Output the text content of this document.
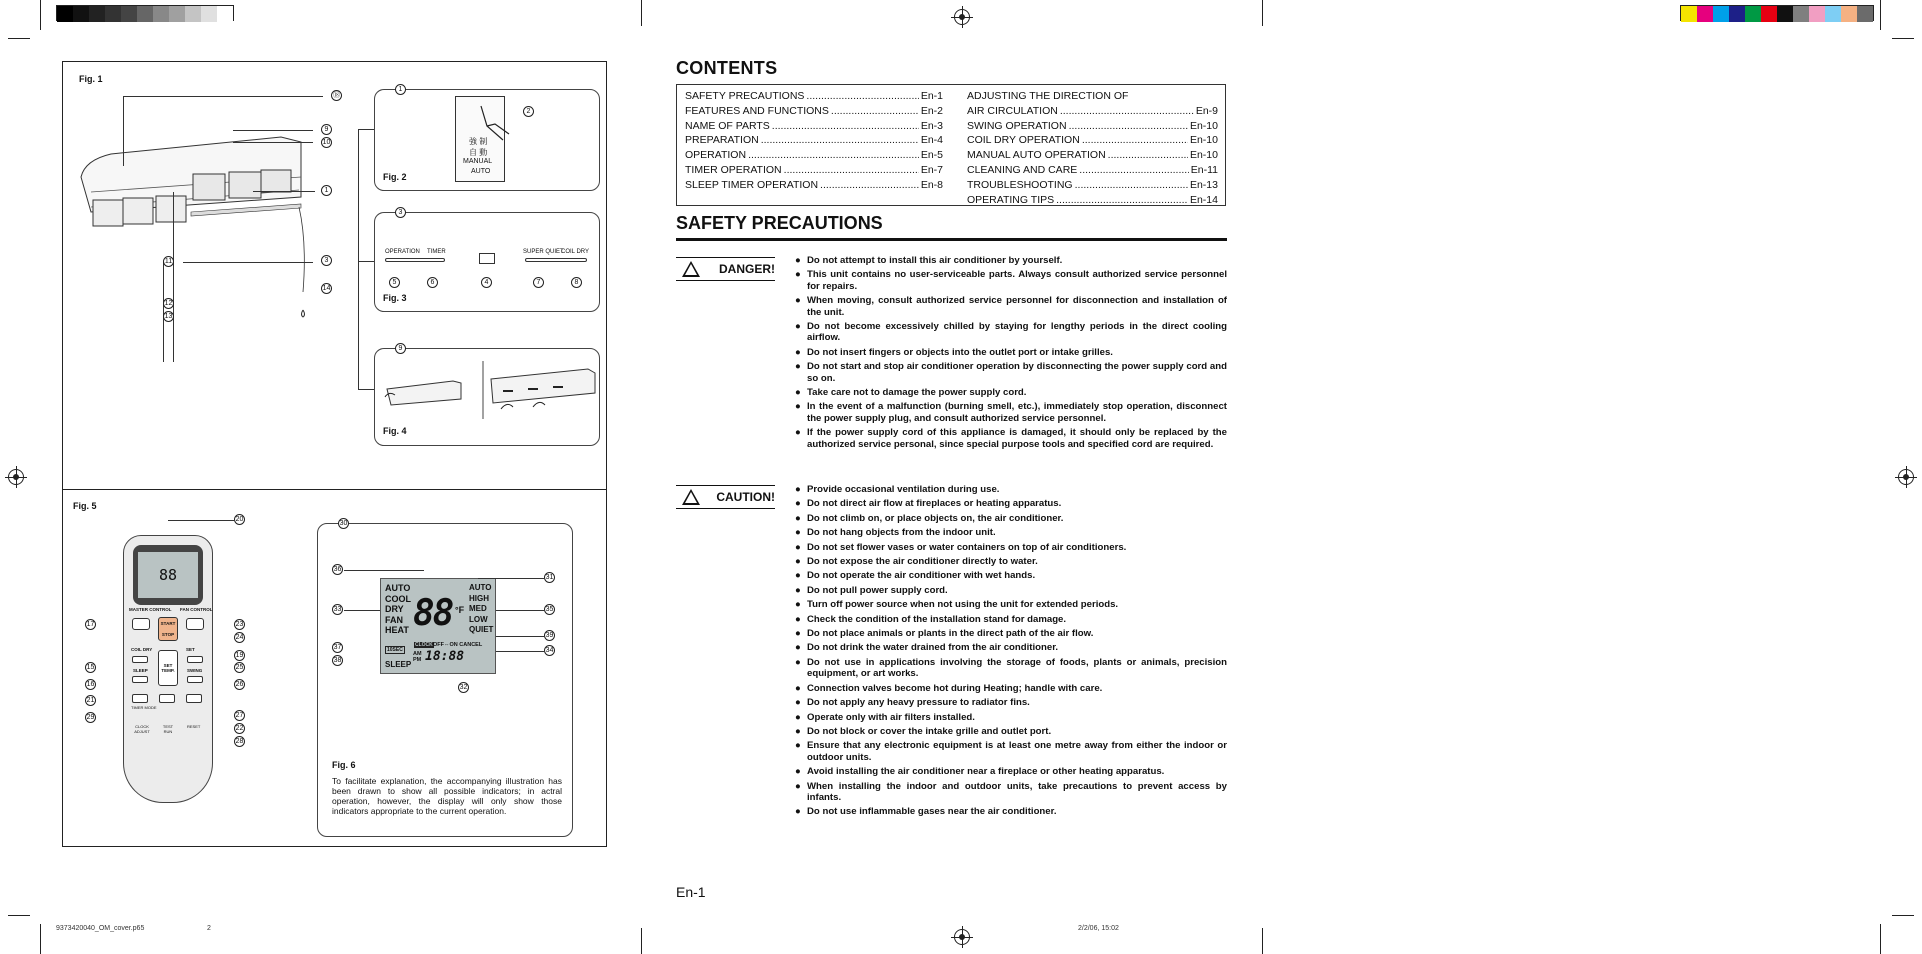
Fig. 1
⑱
9
10
1
3
14
11
12
13
Fig. 2
強 制
自 動
MANUAL
AUTO
1
2
Fig. 3
3
OPERATION TIMER	SUPER QUIET
COIL DRY
5	6	4	7	8
Fig. 4
9
Fig. 5
88
MASTER CONTROL FAN CONTROL
START
STOP
COIL DRY	SET
SET
TEMP.
SLEEP	SWING
TIMER MODE
CLOCK ADJUST
TEST RUN
RESET
20
17	23
24
19
15	25
16	26
21
29	27
22
28
30
AUTO
COOL
DRY
FAN
HEAT 88 °F
AUTO
HIGH
MED
LOW
QUIET
CLOCK OFF⇔ON CANCEL
10SEC
AM PM 18:88
SLEEP
36
33
37
38
31
35
39
34
32
Fig. 6
To facilitate explanation, the accompanying illustration has been drawn to show all possible indicators; in actral operation, however, the display will only show those indicators appropriate to the current operation.
CONTENTS
SAFETY PRECAUTIONS .....	En-1
FEATURES AND FUNCTIONS .....	En-2
NAME OF PARTS .....	En-3
PREPARATION .....	En-4
OPERATION .....	En-5
TIMER OPERATION .....	En-7
SLEEP TIMER OPERATION .....	En-8
ADJUSTING THE DIRECTION OF
AIR CIRCULATION .....	En-9
SWING OPERATION .....	En-10
COIL DRY OPERATION .....	En-10
MANUAL AUTO OPERATION .....	En-10
CLEANING AND CARE .....	En-11
TROUBLESHOOTING .....	En-13
OPERATING TIPS .....	En-14
SAFETY PRECAUTIONS
DANGER!
● Do not attempt to install this air conditioner by yourself.
● This unit contains no user-serviceable parts. Always consult authorized service personnel for repairs.
● When moving, consult authorized service personnel for disconnection and installation of the unit.
● Do not become excessively chilled by staying for lengthy periods in the direct cooling airflow.
● Do not insert fingers or objects into the outlet port or intake grilles.
● Do not start and stop air conditioner operation by disconnecting the power supply cord and so on.
● Take care not to damage the power supply cord.
● In the event of a malfunction (burning smell, etc.), immediately stop operation, disconnect the power supply plug, and consult authorized service personnel.
● If the power supply cord of this appliance is damaged, it should only be replaced by the authorized service personal, since special purpose tools and specified cord are required.
CAUTION!
● Provide occasional ventilation during use.
● Do not direct air flow at fireplaces or heating apparatus.
● Do not climb on, or place objects on, the air conditioner.
● Do not hang objects from the indoor unit.
● Do not set flower vases or water containers on top of air conditioners.
● Do not expose the air conditioner directly to water.
● Do not operate the air conditioner with wet hands.
● Do not pull power supply cord.
● Turn off power source when not using the unit for extended periods.
● Check the condition of the installation stand for damage.
● Do not place animals or plants in the direct path of the air flow.
● Do not drink the water drained from the air conditioner.
● Do not use in applications involving the storage of foods, plants or animals, precision equipment, or art works.
● Connection valves become hot during Heating; handle with care.
● Do not apply any heavy pressure to radiator fins.
● Operate only with air filters installed.
● Do not block or cover the intake grille and outlet port.
● Ensure that any electronic equipment is at least one metre away from either the indoor or outdoor units.
● Avoid installing the air conditioner near a fireplace or other heating apparatus.
● When installing the indoor and outdoor units, take precautions to prevent access by infants.
● Do not use inflammable gases near the air conditioner.
En-1
9373420040_OM_cover.p65	2	2/2/06, 15:02
